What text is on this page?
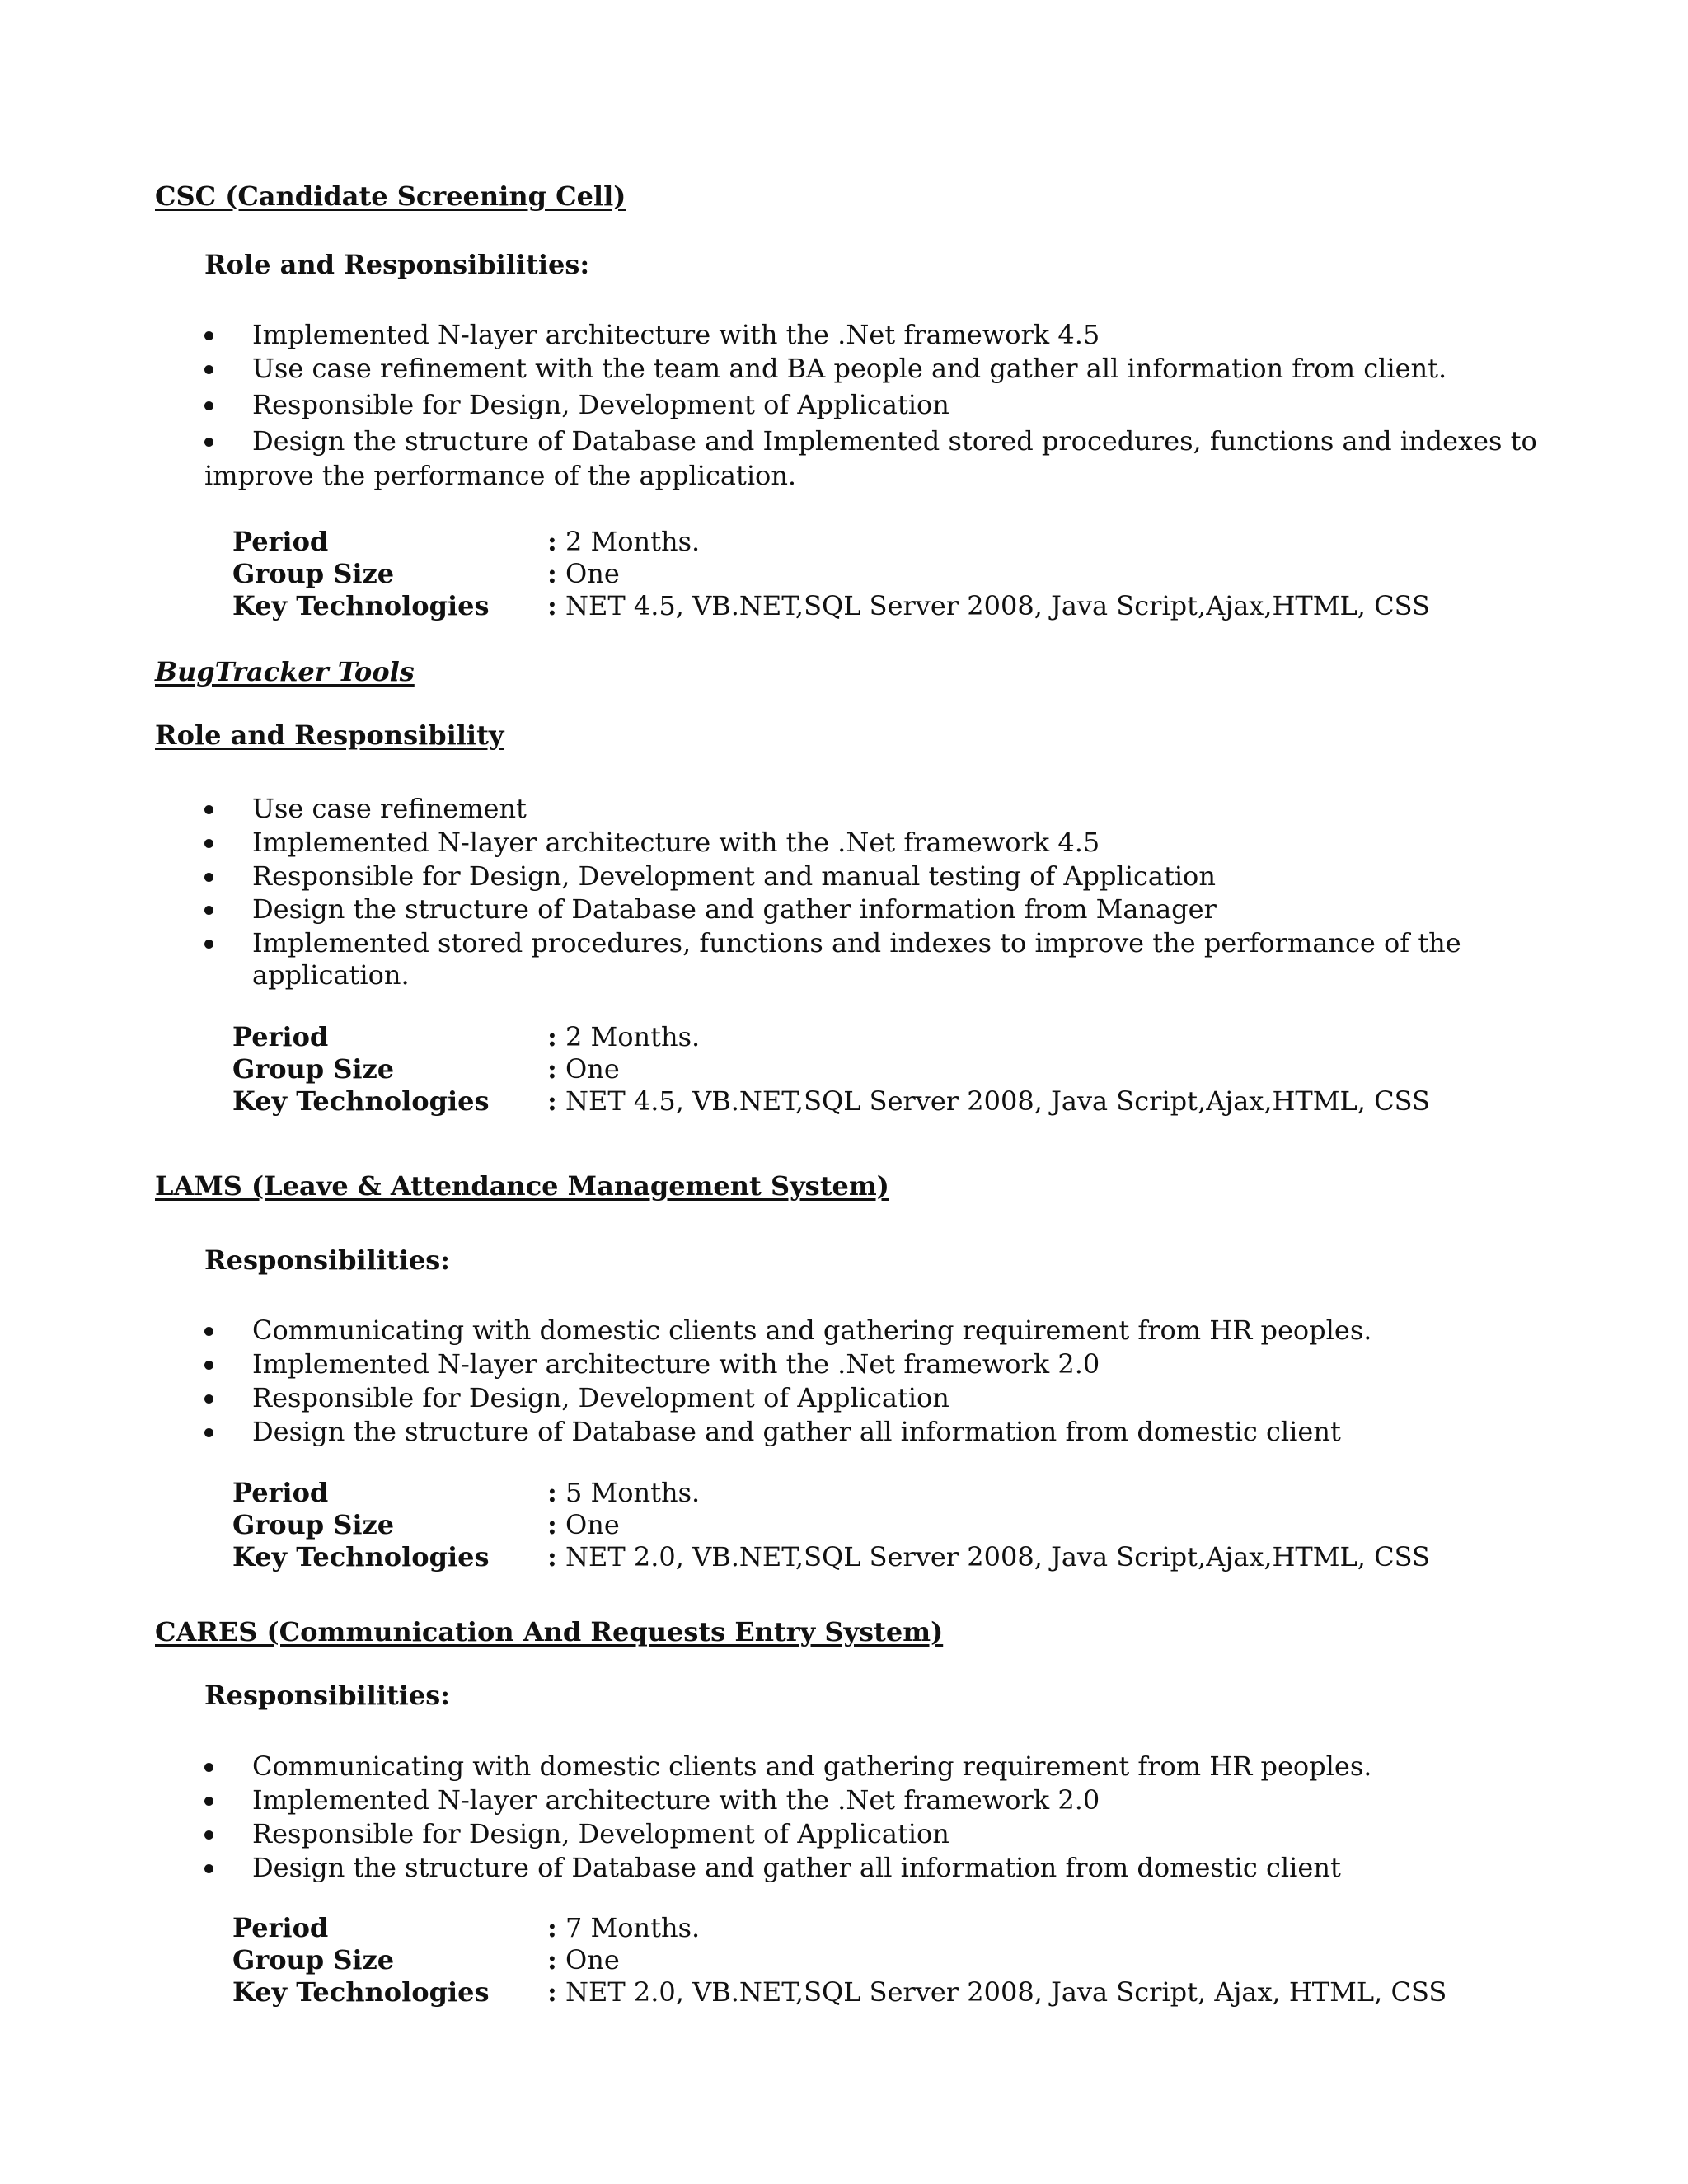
CSC (Candidate Screening Cell)
Role and Responsibilities:
Implemented N-layer architecture with the .Net framework 4.5
Use case refinement with the team and BA people and gather all information from client.
Responsible for Design, Development of Application
Design the structure of Database and Implemented stored procedures, functions and indexes to
improve the performance of the application.
Period	: 2 Months.
Group Size	: One
Key Technologies : NET 4.5, VB.NET,SQL Server 2008, Java Script,Ajax,HTML, CSS
BugTracker Tools
Role and Responsibility
Use case refinement
Implemented N-layer architecture with the .Net framework 4.5
Responsible for Design, Development and manual testing of Application
Design the structure of Database and gather information from Manager
Implemented stored procedures, functions and indexes to improve the performance of the
application.
Period	: 2 Months.
Group Size	: One
Key Technologies : NET 4.5, VB.NET,SQL Server 2008, Java Script,Ajax,HTML, CSS
LAMS (Leave & Attendance Management System)
Responsibilities:
Communicating with domestic clients and gathering requirement from HR peoples.
Implemented N-layer architecture with the .Net framework 2.0
Responsible for Design, Development of Application
Design the structure of Database and gather all information from domestic client
Period	: 5 Months.
Group Size	: One
Key Technologies : NET 2.0, VB.NET,SQL Server 2008, Java Script,Ajax,HTML, CSS
CARES (Communication And Requests Entry System)
Responsibilities:
Communicating with domestic clients and gathering requirement from HR peoples.
Implemented N-layer architecture with the .Net framework 2.0
Responsible for Design, Development of Application
Design the structure of Database and gather all information from domestic client
Period	: 7 Months.
Group Size	: One
Key Technologies : NET 2.0, VB.NET,SQL Server 2008, Java Script, Ajax, HTML, CSS
